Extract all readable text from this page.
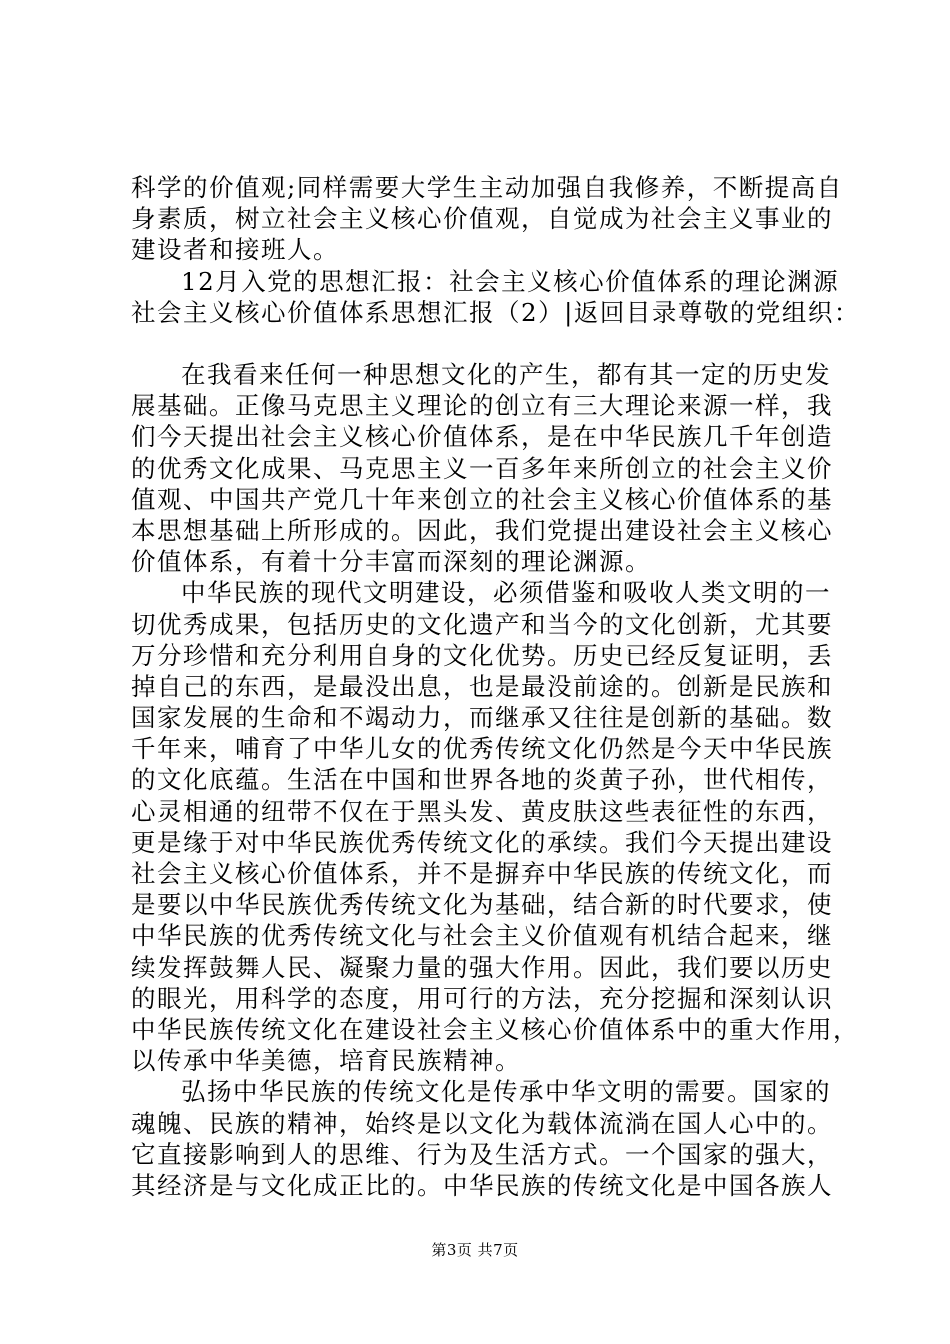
科学的价值观;同样需要大学生主动加强自我修养，不断提高自
身素质，树立社会主义核心价值观，自觉成为社会主义事业的
建设者和接班人。
12月入党的思想汇报：社会主义核心价值体系的理论渊源
社会主义核心价值体系思想汇报（2）|返回目录尊敬的党组织：
在我看来任何一种思想文化的产生，都有其一定的历史发
展基础。正像马克思主义理论的创立有三大理论来源一样，我
们今天提出社会主义核心价值体系，是在中华民族几千年创造
的优秀文化成果、马克思主义一百多年来所创立的社会主义价
值观、中国共产党几十年来创立的社会主义核心价值体系的基
本思想基础上所形成的。因此，我们党提出建设社会主义核心
价值体系，有着十分丰富而深刻的理论渊源。
中华民族的现代文明建设，必须借鉴和吸收人类文明的一
切优秀成果，包括历史的文化遗产和当今的文化创新，尤其要
万分珍惜和充分利用自身的文化优势。历史已经反复证明，丢
掉自己的东西，是最没出息，也是最没前途的。创新是民族和
国家发展的生命和不竭动力，而继承又往往是创新的基础。数
千年来，哺育了中华儿女的优秀传统文化仍然是今天中华民族
的文化底蕴。生活在中国和世界各地的炎黄子孙，世代相传，
心灵相通的纽带不仅在于黑头发、黄皮肤这些表征性的东西，
更是缘于对中华民族优秀传统文化的承续。我们今天提出建设
社会主义核心价值体系，并不是摒弃中华民族的传统文化，而
是要以中华民族优秀传统文化为基础，结合新的时代要求，使
中华民族的优秀传统文化与社会主义价值观有机结合起来，继
续发挥鼓舞人民、凝聚力量的强大作用。因此，我们要以历史
的眼光，用科学的态度，用可行的方法，充分挖掘和深刻认识
中华民族传统文化在建设社会主义核心价值体系中的重大作用，
以传承中华美德，培育民族精神。
弘扬中华民族的传统文化是传承中华文明的需要。国家的
魂魄、民族的精神，始终是以文化为载体流淌在国人心中的。
它直接影响到人的思维、行为及生活方式。一个国家的强大，
其经济是与文化成正比的。中华民族的传统文化是中国各族人
第3页 共7页
